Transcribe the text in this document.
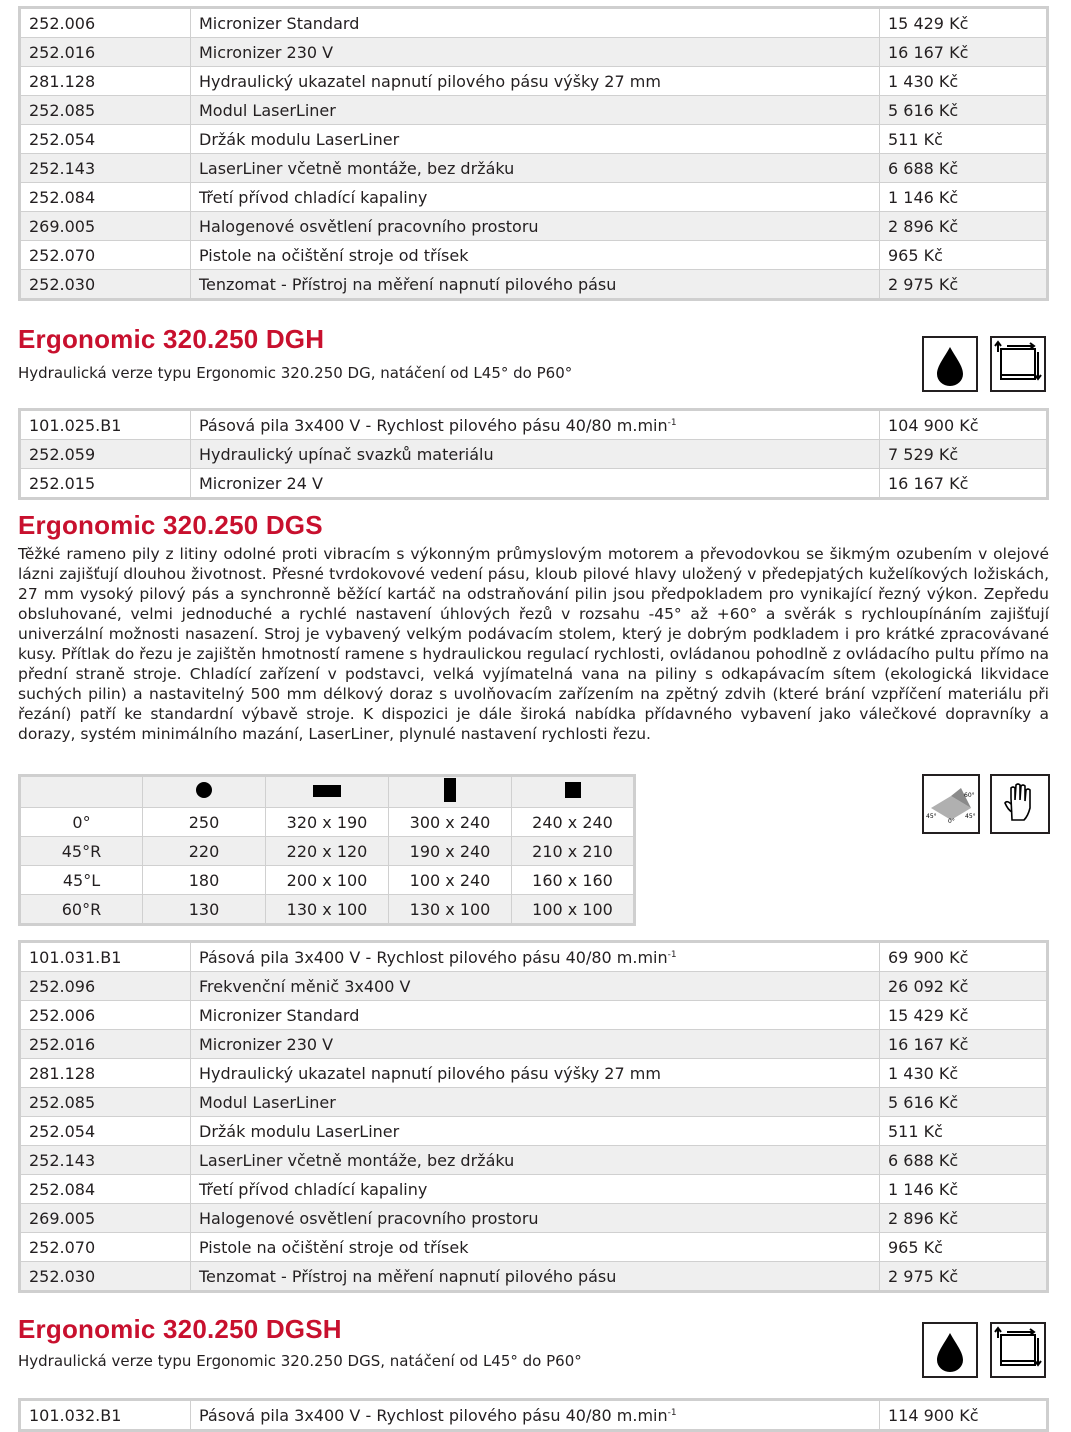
252.006	Micronizer Standard	15 429 Kč
252.016	Micronizer 230 V	16 167 Kč
281.128	Hydraulický ukazatel napnutí pilového pásu výšky 27 mm	1 430 Kč
252.085	Modul LaserLiner	5 616 Kč
252.054	Držák modulu LaserLiner	511 Kč
252.143	LaserLiner včetně montáže, bez držáku	6 688 Kč
252.084	Třetí přívod chladící kapaliny	1 146 Kč
269.005	Halogenové osvětlení pracovního prostoru	2 896 Kč
252.070	Pistole na očištění stroje od třísek	965 Kč
252.030	Tenzomat - Přístroj na měření napnutí pilového pásu	2 975 Kč
Ergonomic 320.250 DGH
Hydraulická verze typu Ergonomic 320.250 DG, natáčení od L45° do P60°
101.025.B1	Pásová pila 3x400 V - Rychlost pilového pásu 40/80 $m.\min^{-1}$	104 900 Kč
252.059	Hydraulický upínač svazků materiálu	7 529 Kč
252.015	Micronizer 24 V	16 167 Kč
Ergonomic 320.250 DGS
Těžké rameno pily z litiny odolné proti vibracím s výkonným průmyslovým motorem a převodovkou se šikmým ozubením v olejové lázni zajišťují dlouhou životnost. Přesné tvrdokovové vedení pásu, kloub pilové hlavy uložený v předepjatých kuželíkových ložiskách, 27 mm vysoký pilový pás a synchronně běžící kartáč na odstraňování pilin jsou předpokladem pro vynikající řezný výkon. Zepředu obsluhované, velmi jednoduché a rychlé nastavení úhlových řezů v rozsahu -45° až +60° a svěrák s rychloupínáním zajišťují univerzální možnosti nasazení. Stroj je vybavený velkým podávacím stolem, který je dobrým podkladem i pro krátké zpracovávané kusy. Přítlak do řezu je zajištěn hmotností ramene s hydraulickou regulací rychlosti, ovládanou pohodlně z ovládacího pultu přímo na přední straně stroje. Chladící zařízení v podstavci, velká vyjímatelná vana na piliny s odkapávacím sítem (ekologická likvidace suchých pilin) a nastavitelný 500 mm délkový doraz s uvolňovacím zařízením na zpětný zdvih (které brání vzpříčení materiálu při řezání) patří ke standardní výbavě stroje. K dispozici je dále široká nabídka přídavného vybavení jako válečkové dopravníky a dorazy, systém minimálního mazání, LaserLiner, plynulé nastavení rychlosti řezu.

0°	250	320 x 190	300 x 240	240 x 240
45°R	220	220 x 120	190 x 240	210 x 210
45°L	180	200 x 100	100 x 240	160 x 160
60°R	130	130 x 100	130 x 100	100 x 100
60°
45°
0°
45°
101.031.B1	Pásová pila 3x400 V - Rychlost pilového pásu 40/80 $m.\min^{-1}$	69 900 Kč
252.096	Frekvenční měnič 3x400 V	26 092 Kč
252.006	Micronizer Standard	15 429 Kč
252.016	Micronizer 230 V	16 167 Kč
281.128	Hydraulický ukazatel napnutí pilového pásu výšky 27 mm	1 430 Kč
252.085	Modul LaserLiner	5 616 Kč
252.054	Držák modulu LaserLiner	511 Kč
252.143	LaserLiner včetně montáže, bez držáku	6 688 Kč
252.084	Třetí přívod chladící kapaliny	1 146 Kč
269.005	Halogenové osvětlení pracovního prostoru	2 896 Kč
252.070	Pistole na očištění stroje od třísek	965 Kč
252.030	Tenzomat - Přístroj na měření napnutí pilového pásu	2 975 Kč
Ergonomic 320.250 DGSH
Hydraulická verze typu Ergonomic 320.250 DGS, natáčení od L45° do P60°
101.032.B1	Pásová pila 3x400 V - Rychlost pilového pásu 40/80 $m.\min^{-1}$	114 900 Kč
